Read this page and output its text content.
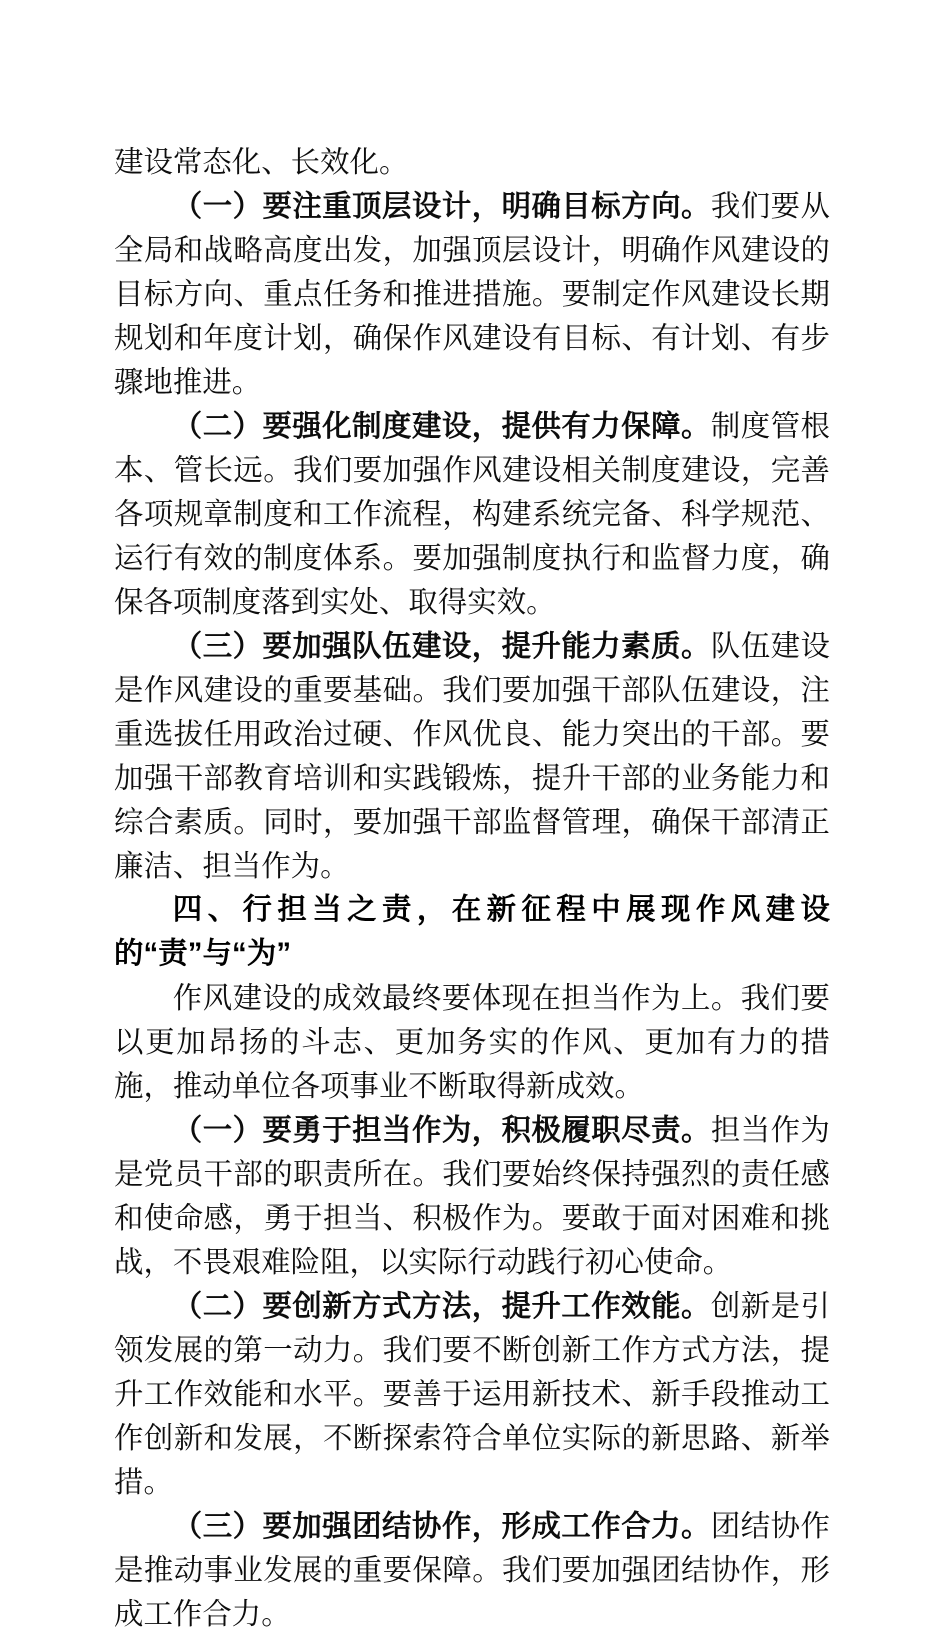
建设常态化、长效化。

（一）要注重顶层设计，明确目标方向。我们要从全局和战略高度出发，加强顶层设计，明确作风建设的目标方向、重点任务和推进措施。要制定作风建设长期规划和年度计划，确保作风建设有目标、有计划、有步骤地推进。

（二）要强化制度建设，提供有力保障。制度管根本、管长远。我们要加强作风建设相关制度建设，完善各项规章制度和工作流程，构建系统完备、科学规范、运行有效的制度体系。要加强制度执行和监督力度，确保各项制度落到实处、取得实效。

（三）要加强队伍建设，提升能力素质。队伍建设是作风建设的重要基础。我们要加强干部队伍建设，注重选拔任用政治过硬、作风优良、能力突出的干部。要加强干部教育培训和实践锻炼，提升干部的业务能力和综合素质。同时，要加强干部监督管理，确保干部清正廉洁、担当作为。

四、行担当之责，在新征程中展现作风建设的“责”与“为”

作风建设的成效最终要体现在担当作为上。我们要以更加昂扬的斗志、更加务实的作风、更加有力的措施，推动单位各项事业不断取得新成效。

（一）要勇于担当作为，积极履职尽责。担当作为是党员干部的职责所在。我们要始终保持强烈的责任感和使命感，勇于担当、积极作为。要敢于面对困难和挑战，不畏艰难险阻，以实际行动践行初心使命。

（二）要创新方式方法，提升工作效能。创新是引领发展的第一动力。我们要不断创新工作方式方法，提升工作效能和水平。要善于运用新技术、新手段推动工作创新和发展，不断探索符合单位实际的新思路、新举措。

（三）要加强团结协作，形成工作合力。团结协作是推动事业发展的重要保障。我们要加强团结协作，形成工作合力。
